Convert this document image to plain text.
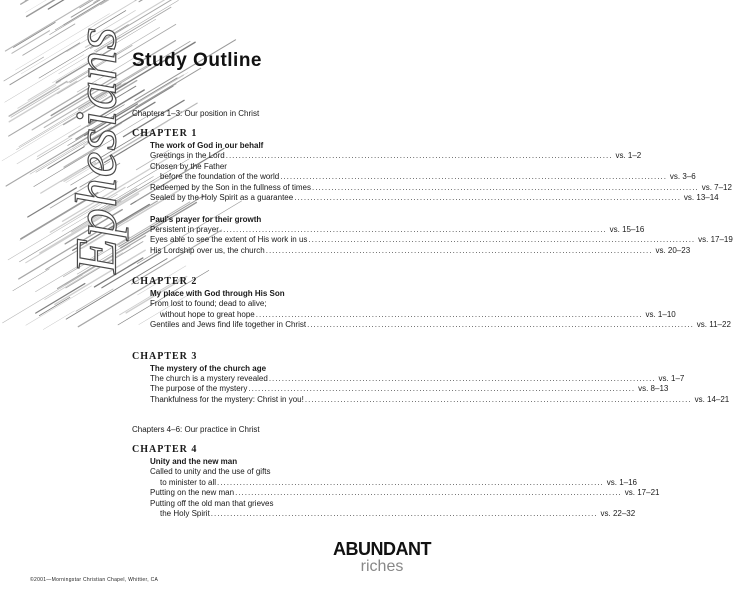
Ephesians Study Outline
Chapters 1–3: Our position in Christ
CHAPTER 1
The work of God in our behalf
Greetings in the Lord ........................................................................................................................ vs. 1–2
Chosen by the Father
before the foundation of the world ........................................................................................................................ vs. 3–6
Redeemed by the Son in the fullness of times ........................................................................................................................ vs. 7–12
Sealed by the Holy Spirit as a guarantee ........................................................................................................................ vs. 13–14
Paul's prayer for their growth
Persistent in prayer ........................................................................................................................ vs. 15–16
Eyes able to see the extent of His work in us ........................................................................................................................ vs. 17–19
His Lordship over us, the church ........................................................................................................................ vs. 20–23
CHAPTER 2
My place with God through His Son
From lost to found; dead to alive;
without hope to great hope ........................................................................................................................ vs. 1–10
Gentiles and Jews find life together in Christ ........................................................................................................................ vs. 11–22
CHAPTER 3
The mystery of the church age
The church is a mystery revealed ........................................................................................................................ vs. 1–7
The purpose of the mystery ........................................................................................................................ vs. 8–13
Thankfulness for the mystery: Christ in you! ........................................................................................................................ vs. 14–21
Chapters 4–6: Our practice in Christ
CHAPTER 4
Unity and the new man
Called to unity and the use of gifts
to minister to all ........................................................................................................................ vs. 1–16
Putting on the new man ........................................................................................................................ vs. 17–21
Putting off the old man that grieves
the Holy Spirit ........................................................................................................................ vs. 22–32
ABUNDANT
riches

©2001—Morningstar Christian Chapel, Whittier, CA
